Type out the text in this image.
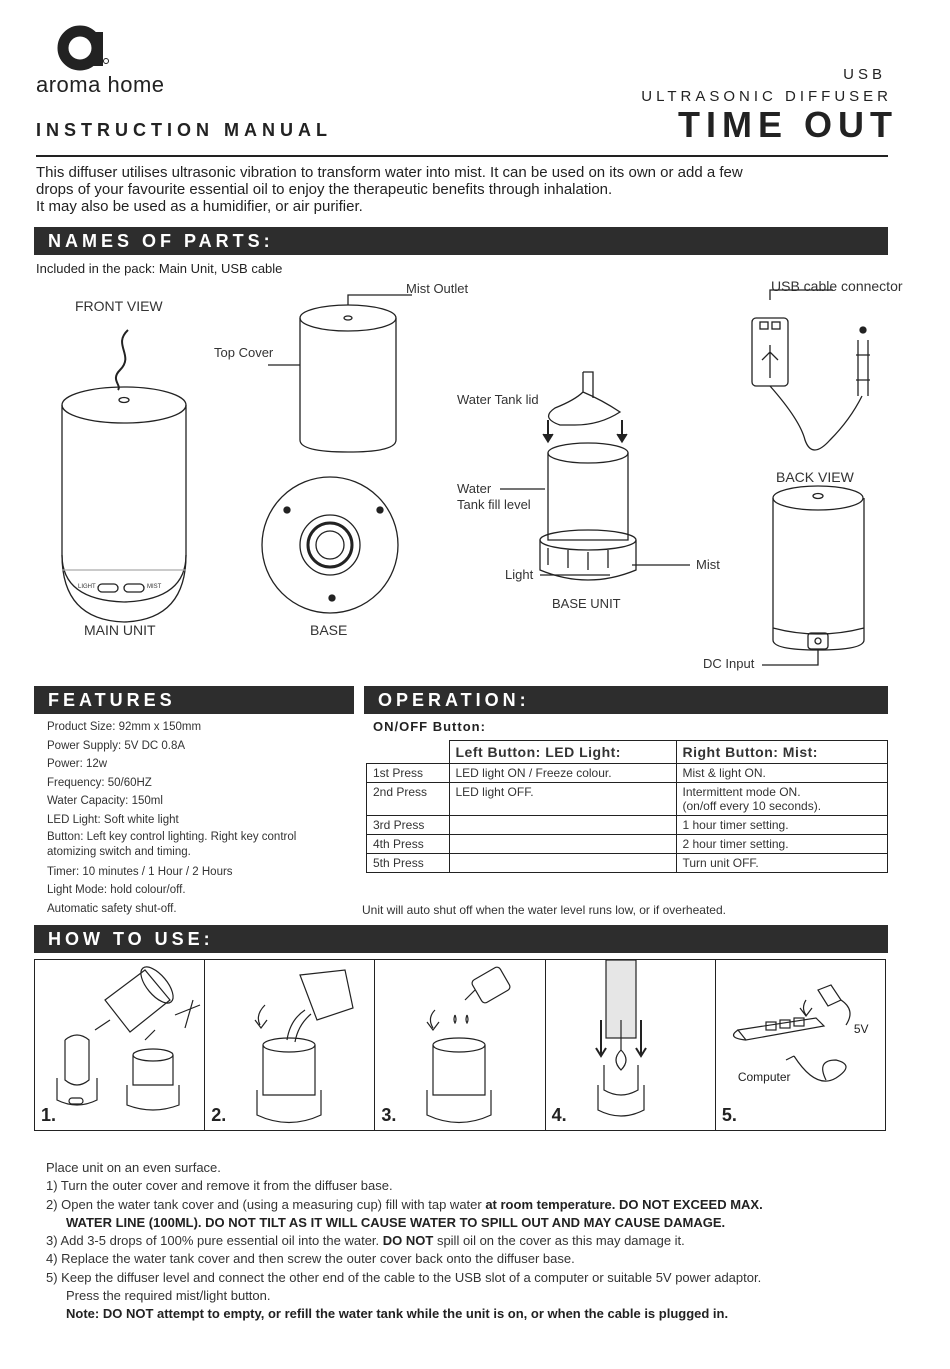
aroma home	USB
ULTRASONIC DIFFUSER
TIME OUT
INSTRUCTION MANUAL
This diffuser utilises ultrasonic vibration to transform water into mist. It can be used on its own or add a few
drops of your favourite essential oil to enjoy the therapeutic benefits through inhalation.
It may also be used as a humidifier, or air purifier.
NAMES OF PARTS:
Included in the pack: Main Unit, USB cable
FRONT VIEW
MAIN UNIT
Top Cover
Mist Outlet
BASE
Water Tank lid
Water
Tank fill level
Light
Mist
BASE UNIT
USB cable connector
BACK VIEW
DC Input
LIGHT	MIST
FEATURES
Product Size: 92mm x 150mm
Power Supply: 5V DC 0.8A
Power: 12w
Frequency: 50/60HZ
Water Capacity: 150ml
LED Light: Soft white light
Button: Left key control lighting. Right key control
atomizing switch and timing.
Timer: 10 minutes / 1 Hour / 2 Hours
Light Mode: hold colour/off.
Automatic safety shut-off.
OPERATION:
ON/OFF Button:
	Left Button: LED Light:	Right Button: Mist:
1st Press	LED light ON / Freeze colour.	Mist & light ON.
2nd Press	LED light OFF.	Intermittent mode ON.
(on/off every 10 seconds).

3rd Press		1 hour timer setting.
4th Press		2 hour timer setting.
5th Press		Turn unit OFF.
Unit will auto shut off when the water level runs low, or if overheated.
HOW TO USE:
1.	2.	3.	4.
Computer
5V
5.
Place unit on an even surface.
1) Turn the outer cover and remove it from the diffuser base.
2) Open the water tank cover and (using a measuring cup) fill with tap water at room temperature. DO NOT EXCEED MAX.
WATER LINE (100ML). DO NOT TILT AS IT WILL CAUSE WATER TO SPILL OUT AND MAY CAUSE DAMAGE.
3) Add 3-5 drops of 100% pure essential oil into the water. DO NOT spill oil on the cover as this may damage it.
4) Replace the water tank cover and then screw the outer cover back onto the diffuser base.
5) Keep the diffuser level and connect the other end of the cable to the USB slot of a computer or suitable 5V power adaptor.
Press the required mist/light button.
Note: DO NOT attempt to empty, or refill the water tank while the unit is on, or when the cable is plugged in.
